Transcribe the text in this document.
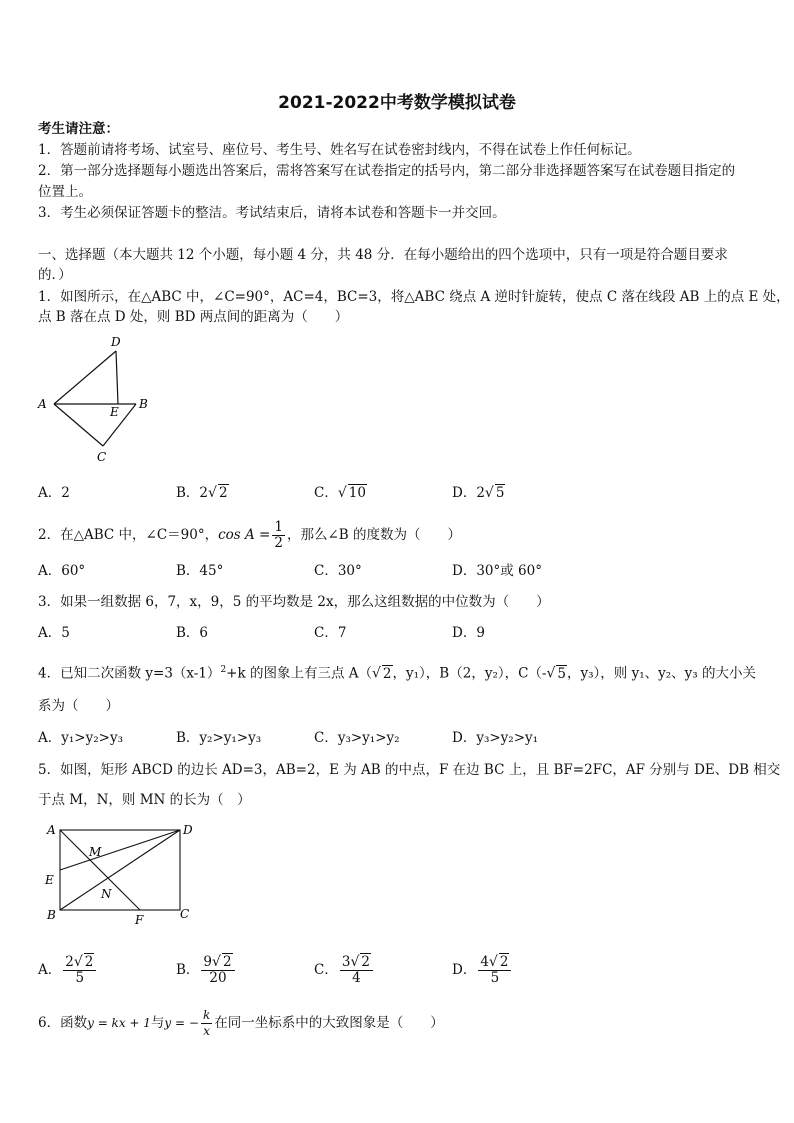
2021-2022中考数学模拟试卷
考生请注意：
1．答题前请将考场、试室号、座位号、考生号、姓名写在试卷密封线内，不得在试卷上作任何标记。
2．第一部分选择题每小题选出答案后，需将答案写在试卷指定的括号内，第二部分非选择题答案写在试卷题目指定的
位置上。
3．考生必须保证答题卡的整洁。考试结束后，请将本试卷和答题卡一并交回。
一、选择题（本大题共 12 个小题，每小题 4 分，共 48 分．在每小题给出的四个选项中，只有一项是符合题目要求
的．）
1．如图所示，在△ABC 中，∠C=90°，AC=4，BC=3，将△ABC 绕点 A 逆时针旋转，使点 C 落在线段 AB 上的点 E 处，
点 B 落在点 D 处，则 BD 两点间的距离为（　　）
D
A
E
B
C
A．2	B．2√ 2	C．√ 10	D．2√ 5
2．在△ABC 中，∠C＝90°，$\cos A = \frac{1}{2}$ ，那么∠B 的度数为（　　）
A．60°	B．45°	C．30°	D．30°或 60°
3．如果一组数据 6，7，x，9，5 的平均数是 2x，那么这组数据的中位数为（　　）
A．5	B．6	C．7	D．9
4．已知二次函数 $y=3(x-1)^2+k$ 的图象上有三点 A（√ 2，y₁），B（2，y₂），C（-√ 5，y₃），则 y₁、y₂、y₃ 的大小关
系为（　　）
A．y₁>y₂>y₃	B．y₂>y₁>y₃	C．y₃>y₁>y₂	D．y₃>y₂>y₁
5．如图，矩形 ABCD 的边长 AD=3，AB=2，E 为 AB 的中点，F 在边 BC 上，且 BF=2FC，AF 分别与 DE、DB 相交
于点 M，N，则 MN 的长为（　）
A	D
E
B	C
F
M
N
A． $\frac{2√ 2}{5}$	B． $\frac{9√ 2}{20}$	C． $\frac{3√ 2}{4}$	D． $\frac{4√ 2}{5}$
6．函数y = kx + 1与y = − $\frac{k}{x}$ 在同一坐标系中的大致图象是（　　）
